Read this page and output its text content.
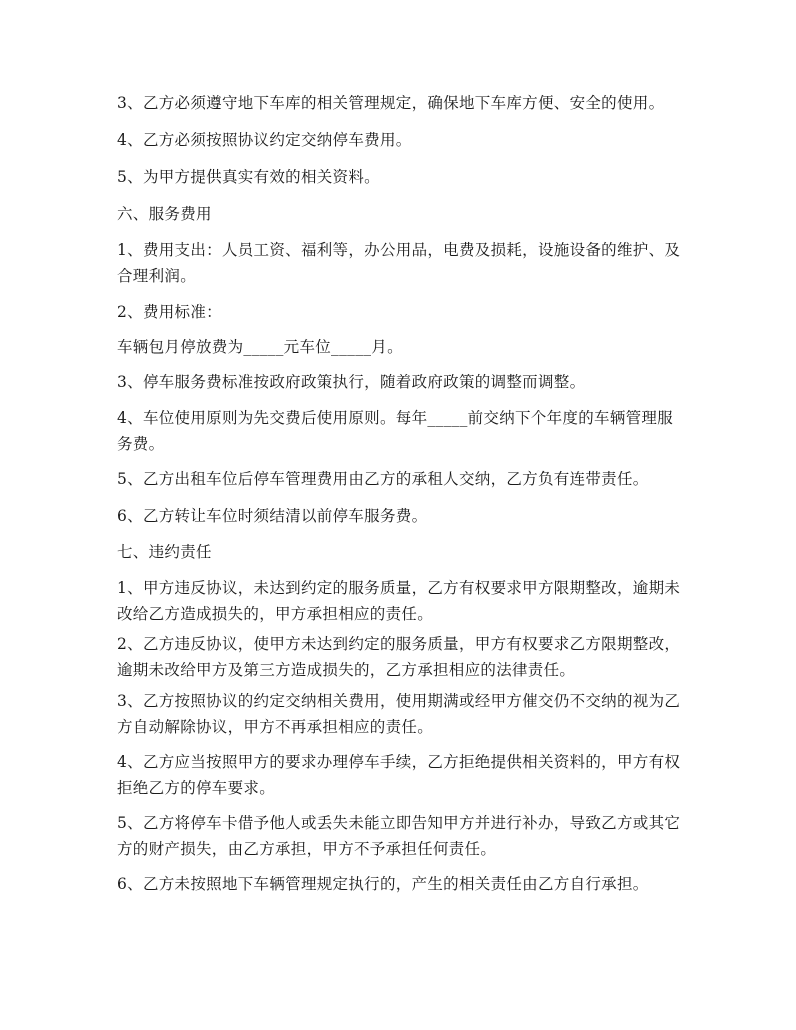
3、乙方必须遵守地下车库的相关管理规定，确保地下车库方便、安全的使用。

4、乙方必须按照协议约定交纳停车费用。

5、为甲方提供真实有效的相关资料。

六、服务费用

1、费用支出：人员工资、福利等，办公用品，电费及损耗，设施设备的维护、及合理利润。

2、费用标准：

车辆包月停放费为_____元车位_____月。

3、停车服务费标准按政府政策执行，随着政府政策的调整而调整。

4、车位使用原则为先交费后使用原则。每年_____前交纳下个年度的车辆管理服务费。

5、乙方出租车位后停车管理费用由乙方的承租人交纳，乙方负有连带责任。

6、乙方转让车位时须结清以前停车服务费。

七、违约责任

1、甲方违反协议，未达到约定的服务质量，乙方有权要求甲方限期整改，逾期未改给乙方造成损失的，甲方承担相应的责任。

2、乙方违反协议，使甲方未达到约定的服务质量，甲方有权要求乙方限期整改，逾期未改给甲方及第三方造成损失的，乙方承担相应的法律责任。

3、乙方按照协议的约定交纳相关费用，使用期满或经甲方催交仍不交纳的视为乙方自动解除协议，甲方不再承担相应的责任。

4、乙方应当按照甲方的要求办理停车手续，乙方拒绝提供相关资料的，甲方有权拒绝乙方的停车要求。

5、乙方将停车卡借予他人或丢失未能立即告知甲方并进行补办，导致乙方或其它方的财产损失，由乙方承担，甲方不予承担任何责任。

6、乙方未按照地下车辆管理规定执行的，产生的相关责任由乙方自行承担。
